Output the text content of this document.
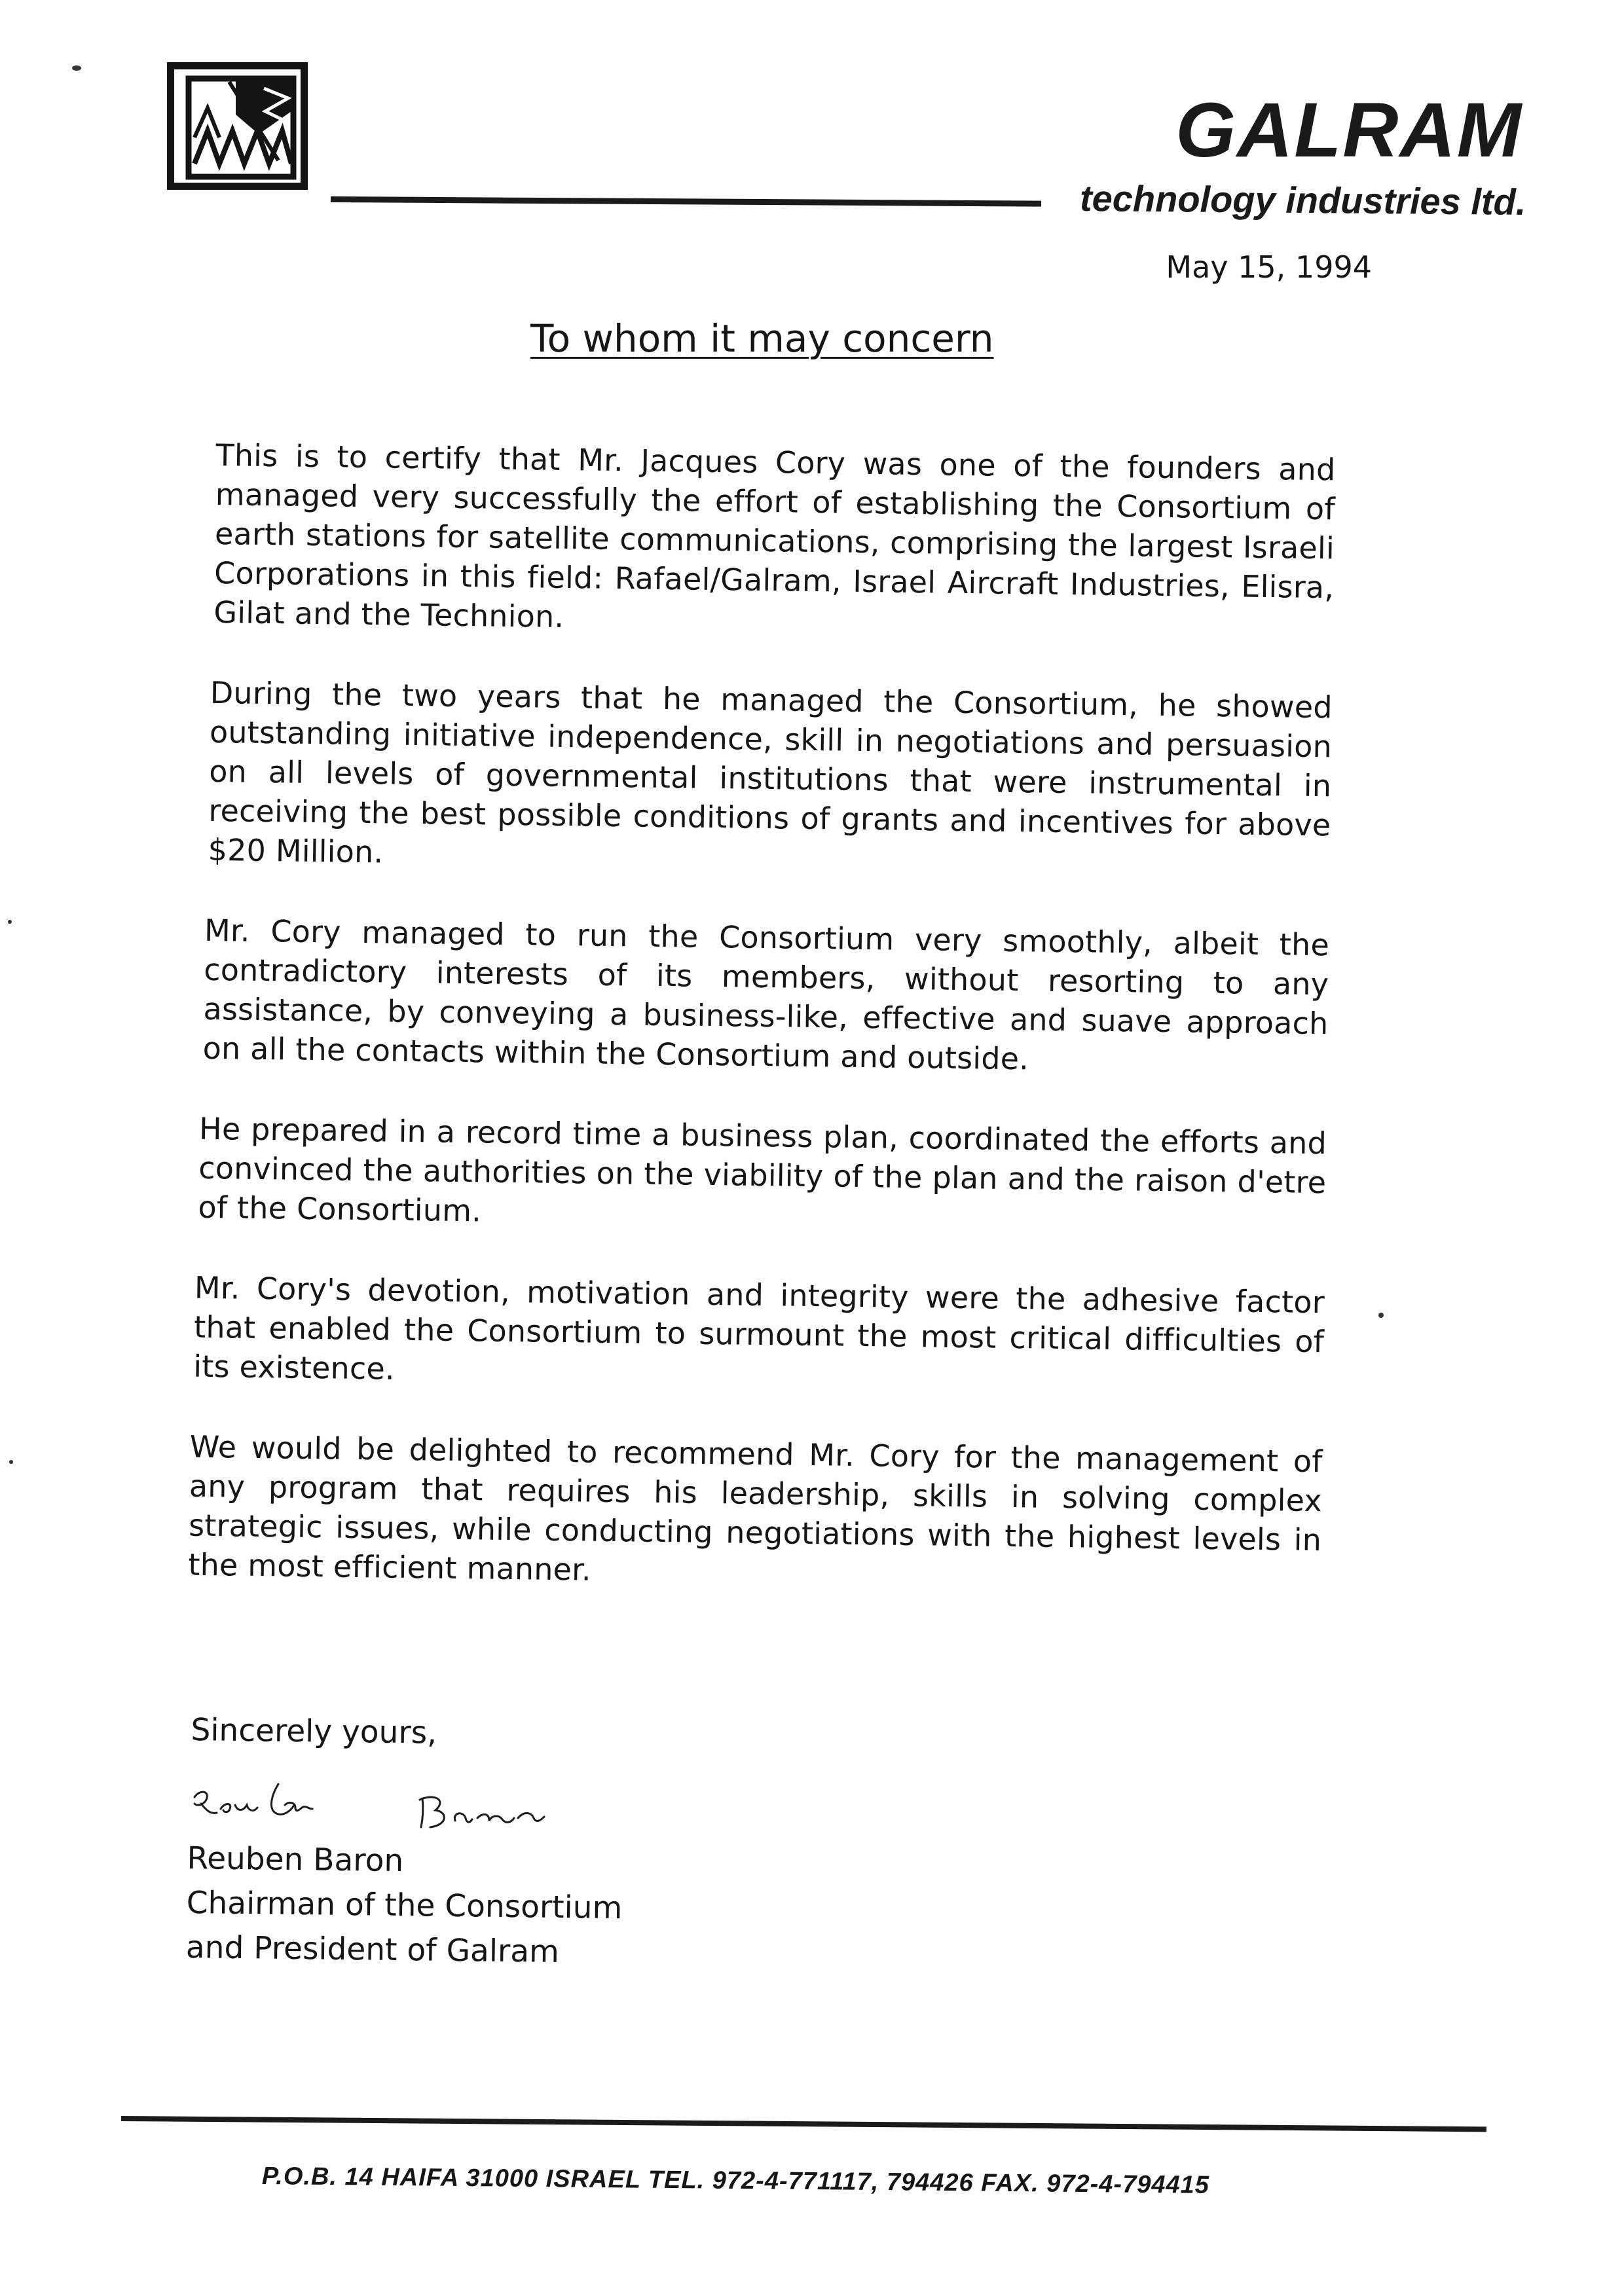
GALRAM
technology industries ltd.
May 15, 1994
To whom it may concern

This is to certify that Mr. Jacques Cory was one of the founders and managed very successfully the effort of establishing the Consortium of earth stations for satellite communications, comprising the largest Israeli Corporations in this field: Rafael/Galram, Israel Aircraft Industries, Elisra, Gilat and the Technion.

During the two years that he managed the Consortium, he showed outstanding initiative independence, skill in negotiations and persuasion on all levels of governmental institutions that were instrumental in receiving the best possible conditions of grants and incentives for above $20 Million.

Mr. Cory managed to run the Consortium very smoothly, albeit the contradictory interests of its members, without resorting to any assistance, by conveying a business-like, effective and suave approach on all the contacts within the Consortium and outside.

He prepared in a record time a business plan, coordinated the efforts and convinced the authorities on the viability of the plan and the raison d'etre of the Consortium.

Mr. Cory's devotion, motivation and integrity were the adhesive factor that enabled the Consortium to surmount the most critical difficulties of its existence.

We would be delighted to recommend Mr. Cory for the management of any program that requires his leadership, skills in solving complex strategic issues, while conducting negotiations with the highest levels in the most efficient manner.

Sincerely yours,
Reuben Baron
Chairman of the Consortium
and President of Galram
P.O.B. 14 HAIFA 31000 ISRAEL TEL. 972-4-771117, 794426 FAX. 972-4-794415
